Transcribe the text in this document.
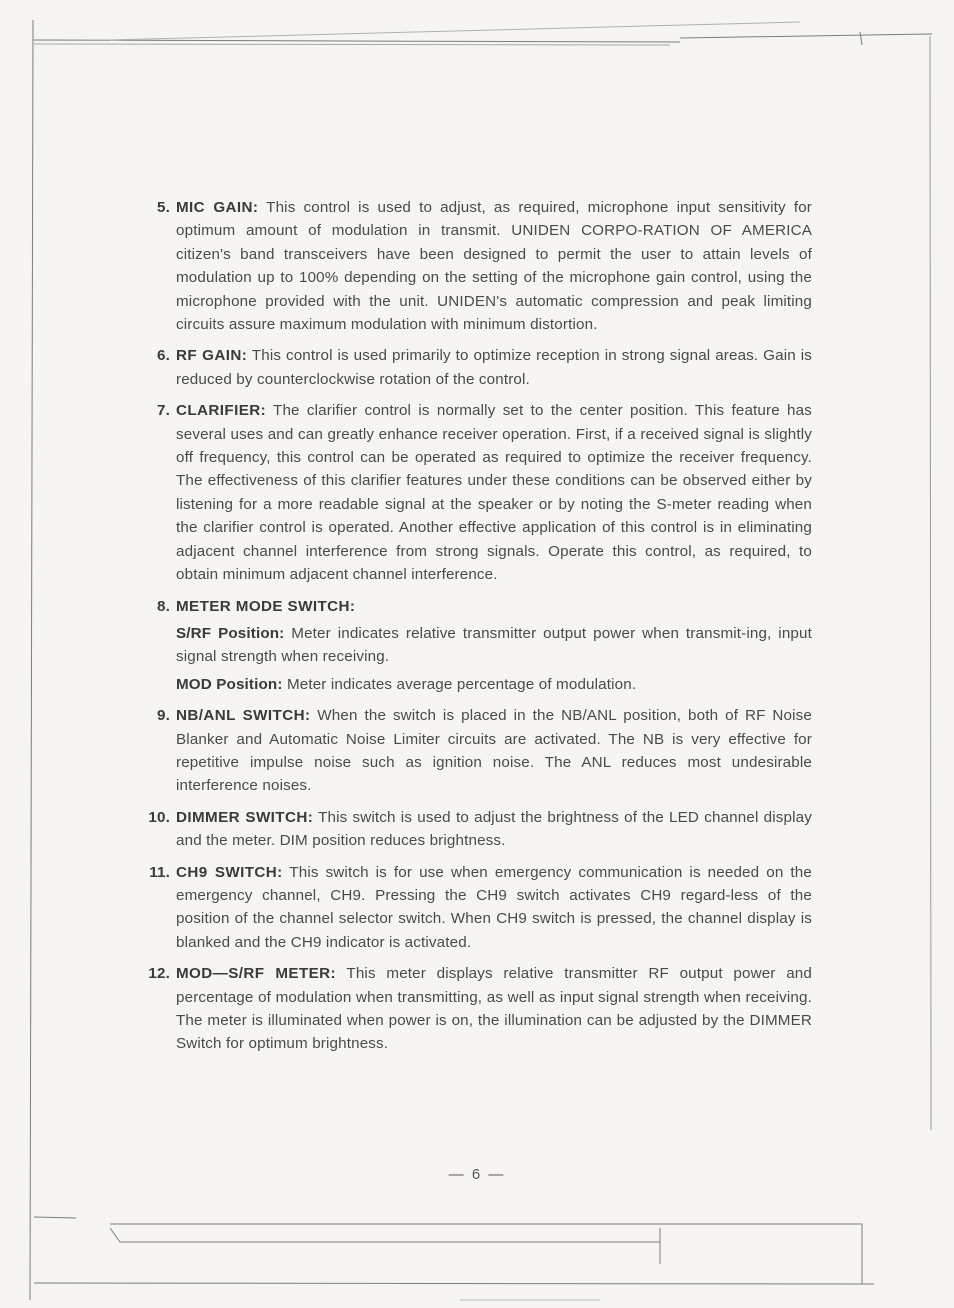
5. MIC GAIN: This control is used to adjust, as required, microphone input sensitivity for optimum amount of modulation in transmit. UNIDEN CORPO-RATION OF AMERICA citizen's band transceivers have been designed to permit the user to attain levels of modulation up to 100% depending on the setting of the microphone gain control, using the microphone provided with the unit. UNIDEN's automatic compression and peak limiting circuits assure maximum modulation with minimum distortion.
6. RF GAIN: This control is used primarily to optimize reception in strong signal areas. Gain is reduced by counterclockwise rotation of the control.
7. CLARIFIER: The clarifier control is normally set to the center position. This feature has several uses and can greatly enhance receiver operation. First, if a received signal is slightly off frequency, this control can be operated as required to optimize the receiver frequency. The effectiveness of this clarifier features under these conditions can be observed either by listening for a more readable signal at the speaker or by noting the S-meter reading when the clarifier control is operated. Another effective application of this control is in eliminating adjacent channel interference from strong signals. Operate this control, as required, to obtain minimum adjacent channel interference.
8. METER MODE SWITCH:
S/RF Position: Meter indicates relative transmitter output power when transmit-ing, input signal strength when receiving.
MOD Position: Meter indicates average percentage of modulation.
9. NB/ANL SWITCH: When the switch is placed in the NB/ANL position, both of RF Noise Blanker and Automatic Noise Limiter circuits are activated. The NB is very effective for repetitive impulse noise such as ignition noise. The ANL reduces most undesirable interference noises.
10. DIMMER SWITCH: This switch is used to adjust the brightness of the LED channel display and the meter. DIM position reduces brightness.
11. CH9 SWITCH: This switch is for use when emergency communication is needed on the emergency channel, CH9. Pressing the CH9 switch activates CH9 regard-less of the position of the channel selector switch. When CH9 switch is pressed, the channel display is blanked and the CH9 indicator is activated.
12. MOD—S/RF METER: This meter displays relative transmitter RF output power and percentage of modulation when transmitting, as well as input signal strength when receiving. The meter is illuminated when power is on, the illumination can be adjusted by the DIMMER Switch for optimum brightness.
— 6 —
